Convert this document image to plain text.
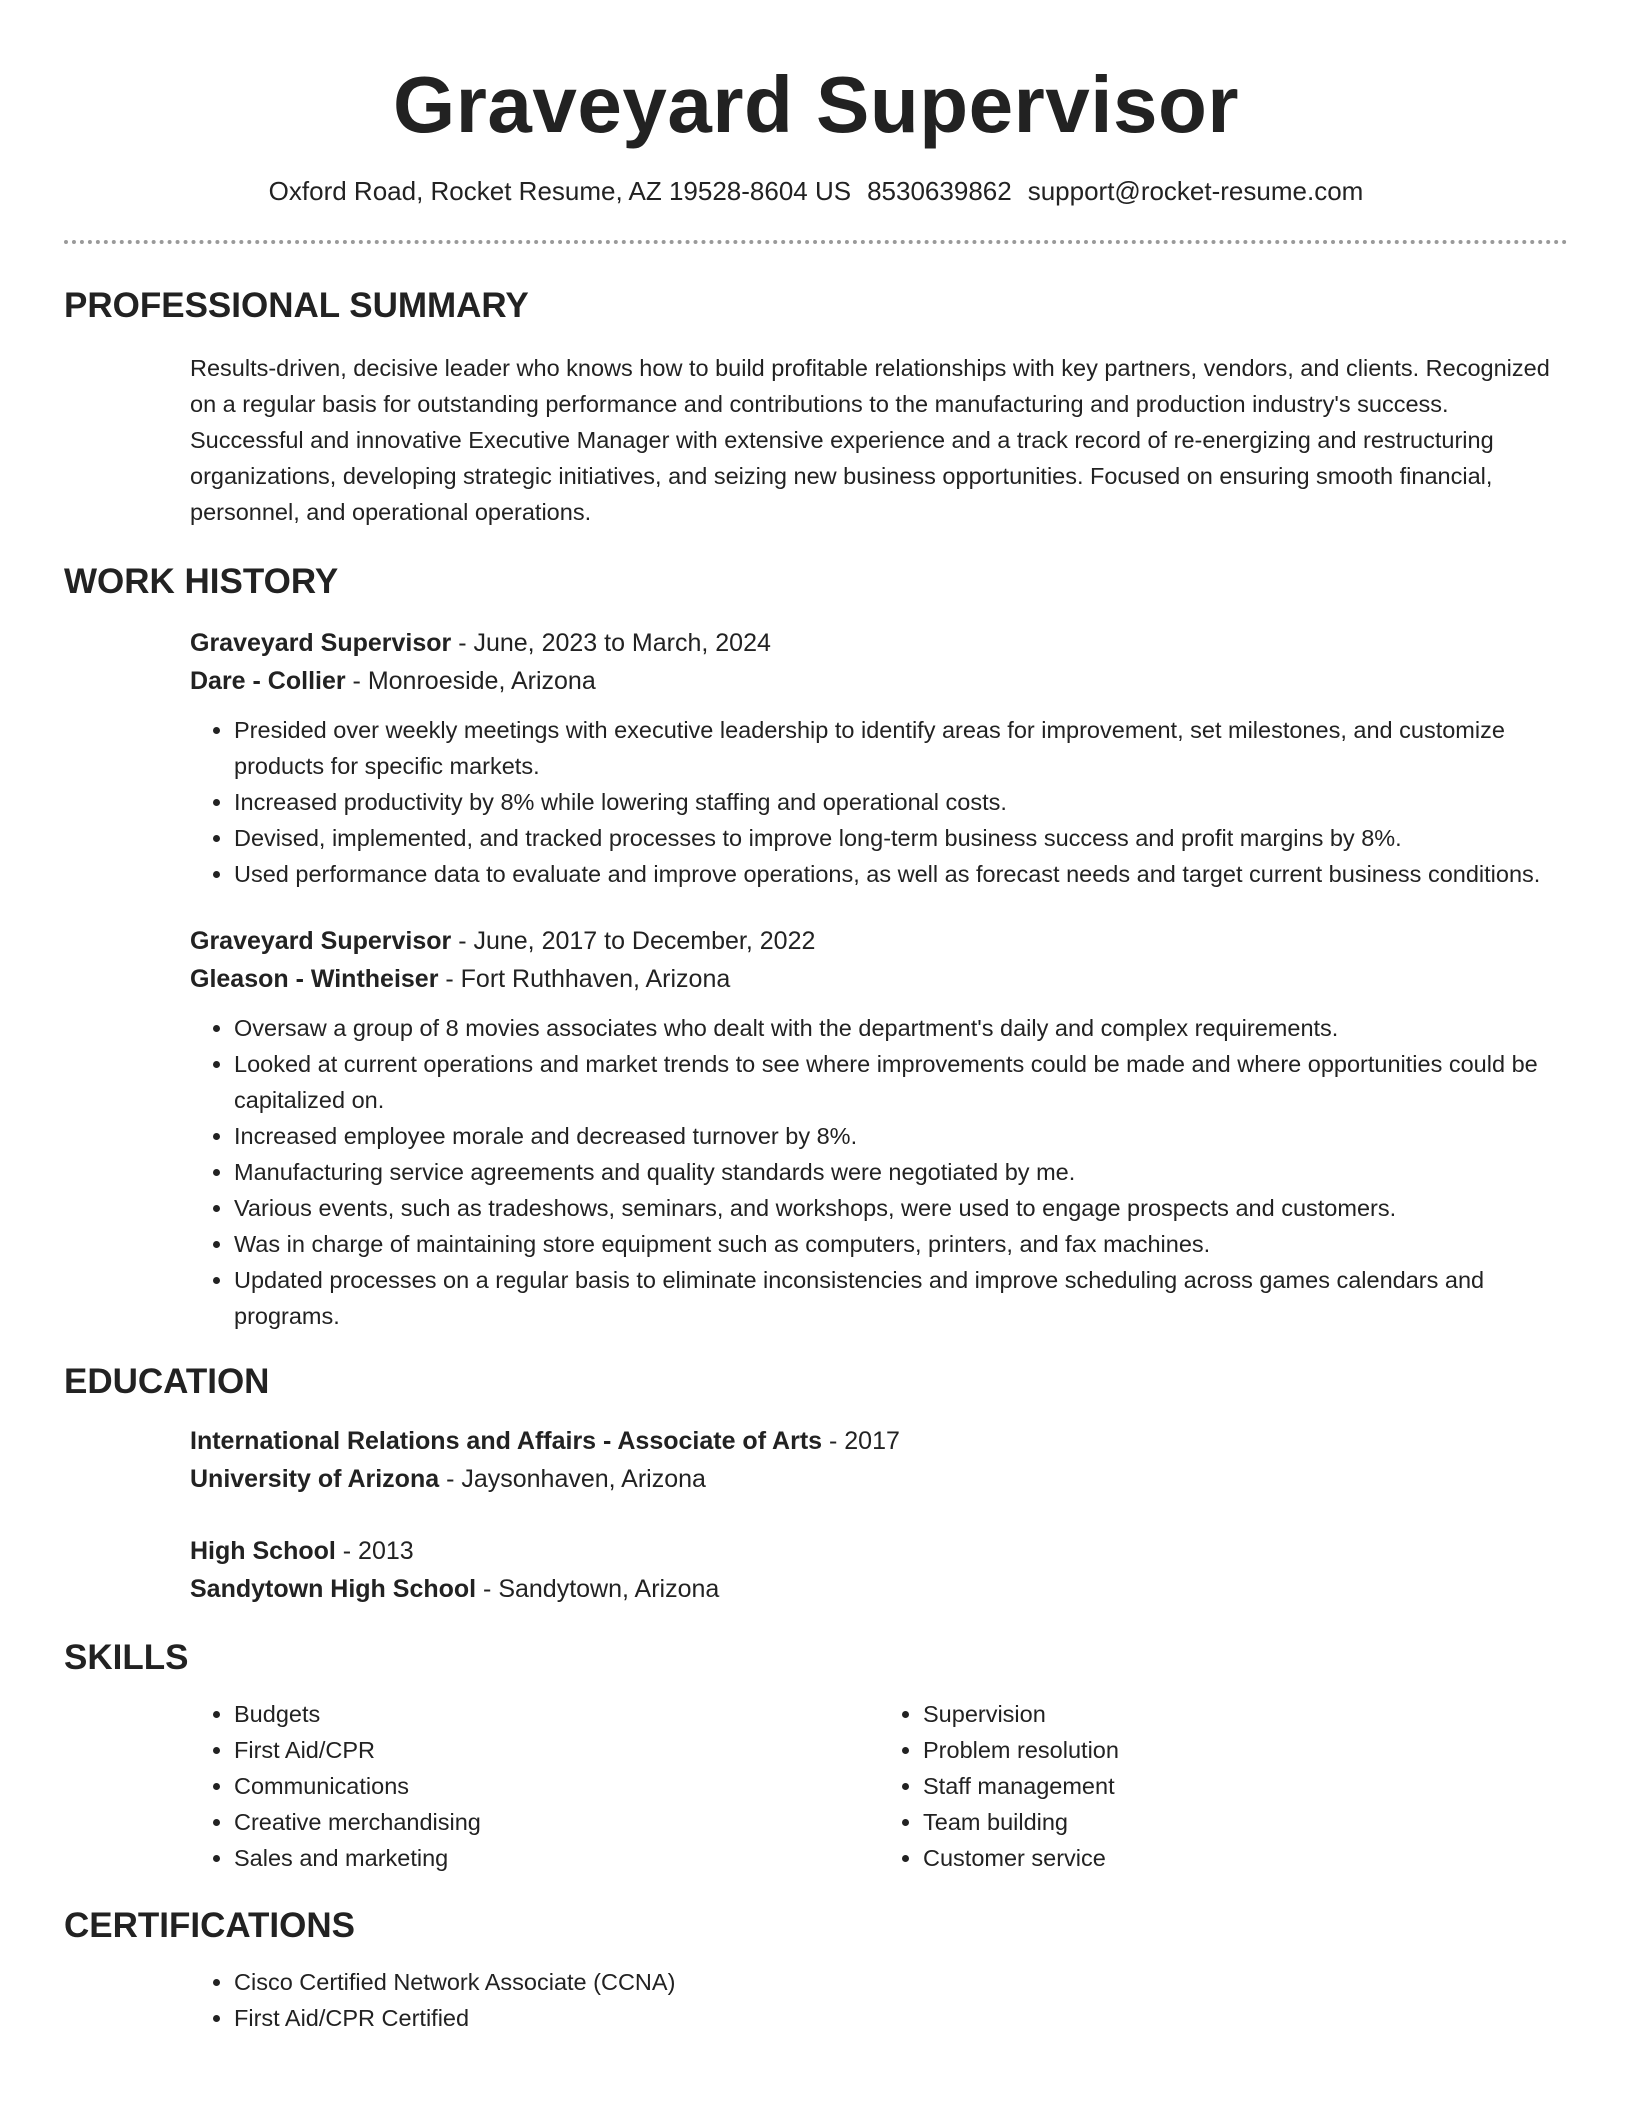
Graveyard Supervisor
Oxford Road, Rocket Resume, AZ 19528-8604 US 8530639862 support@rocket-resume.com
PROFESSIONAL SUMMARY

Results-driven, decisive leader who knows how to build profitable relationships with key partners, vendors, and clients. Recognized on a regular basis for outstanding performance and contributions to the manufacturing and production industry's success. Successful and innovative Executive Manager with extensive experience and a track record of re-energizing and restructuring organizations, developing strategic initiatives, and seizing new business opportunities. Focused on ensuring smooth financial, personnel, and operational operations.

WORK HISTORY

Graveyard Supervisor - June, 2023 to March, 2024

Dare - Collier - Monroeside, Arizona

• Presided over weekly meetings with executive leadership to identify areas for improvement, set milestones, and customize products for specific markets.
• Increased productivity by 8% while lowering staffing and operational costs.
• Devised, implemented, and tracked processes to improve long-term business success and profit margins by 8%.
• Used performance data to evaluate and improve operations, as well as forecast needs and target current business conditions.

Graveyard Supervisor - June, 2017 to December, 2022

Gleason - Wintheiser - Fort Ruthhaven, Arizona

• Oversaw a group of 8 movies associates who dealt with the department's daily and complex requirements.
• Looked at current operations and market trends to see where improvements could be made and where opportunities could be capitalized on.
• Increased employee morale and decreased turnover by 8%.
• Manufacturing service agreements and quality standards were negotiated by me.
• Various events, such as tradeshows, seminars, and workshops, were used to engage prospects and customers.
• Was in charge of maintaining store equipment such as computers, printers, and fax machines.
• Updated processes on a regular basis to eliminate inconsistencies and improve scheduling across games calendars and programs.
EDUCATION

International Relations and Affairs - Associate of Arts - 2017

University of Arizona - Jaysonhaven, Arizona

High School - 2013

Sandytown High School - Sandytown, Arizona

SKILLS
• Budgets
• First Aid/CPR
• Communications
• Creative merchandising
• Sales and marketing
• Supervision
• Problem resolution
• Staff management
• Team building
• Customer service
CERTIFICATIONS
• Cisco Certified Network Associate (CCNA)
• First Aid/CPR Certified
